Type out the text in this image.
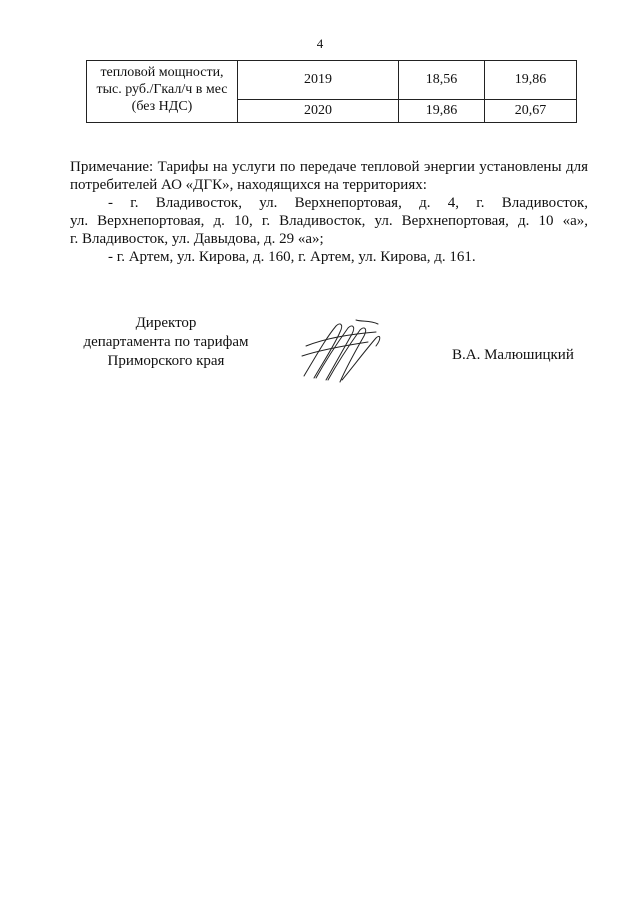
4
тепловой мощности,
тыс. руб./Гкал/ч в мес
(без НДС)	2019	18,56	19,86
	2020	19,86	20,67

Примечание: Тарифы на услуги по передаче тепловой энергии установлены для

потребителей АО «ДГК», находящихся на территориях:

- г. Владивосток, ул. Верхнепортовая, д. 4, г. Владивосток,

ул. Верхнепортовая, д. 10, г. Владивосток, ул. Верхнепортовая, д. 10 «а»,

г. Владивосток, ул. Давыдова, д. 29 «а»;

- г. Артем, ул. Кирова, д. 160, г. Артем, ул. Кирова, д. 161.

Директор
департамента по тарифам
Приморского края	В.А. Малюшицкий
